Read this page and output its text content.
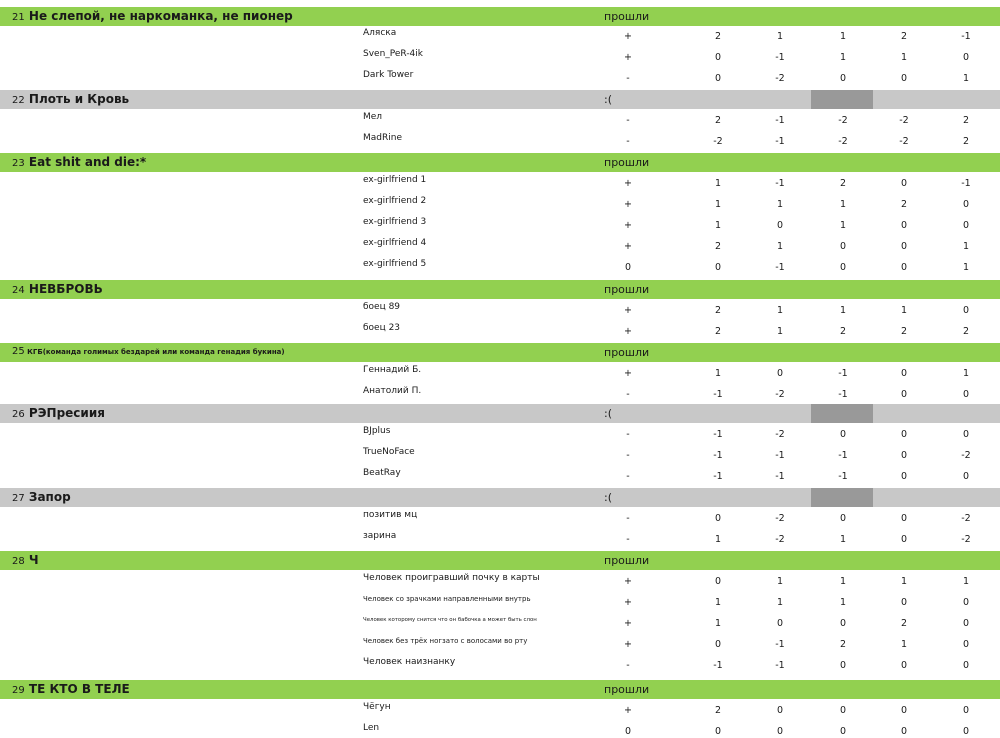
21 Не слепой, не наркоманка, не пионер	прошли
Аляска	+	2	1	1	2	-1
Sven_PeR-4ik	+	0	-1	1	1	0
Dark Tower	-	0	-2	0	0	1
22 Плоть и Кровь	:(
Мел	-	2	-1	-2	-2	2
MadRine	-	-2	-1	-2	-2	2
23 Eat shit and die:*	прошли
ex-girlfriend 1	+	1	-1	2	0	-1
ex-girlfriend 2	+	1	1	1	2	0
ex-girlfriend 3	+	1	0	1	0	0
ex-girlfriend 4	+	2	1	0	0	1
ex-girlfriend 5	0	0	-1	0	0	1
24 НЕВБРОВЬ	прошли
боец 89	+	2	1	1	1	0
боец 23	+	2	1	2	2	2
25 КГБ(команда голимых бездарей или команда генадия букина)	прошли
Геннадий Б.	+	1	0	-1	0	1
Анатолий П.	-	-1	-2	-1	0	0
26 РЭПресиия	:(
BJplus	-	-1	-2	0	0	0
TrueNoFace	-	-1	-1	-1	0	-2
BeatRay	-	-1	-1	-1	0	0
27 Запор	:(
позитив мц	-	0	-2	0	0	-2
зарина	-	1	-2	1	0	-2
28 Ч	прошли
Человек проигравший почку в карты	+	0	1	1	1	1
Человек со зрачками направленными внутрь	+	1	1	1	0	0
Человек которому снится что он бабочка а может быть слон	+	1	0	0	2	0
Человек без трёх ногзато с волосами во рту	+	0	-1	2	1	0
Человек наизнанку	-	-1	-1	0	0	0
29 ТЕ КТО В ТЕЛЕ	прошли
Чёгун	+	2	0	0	0	0
Len	0	0	0	0	0	0
